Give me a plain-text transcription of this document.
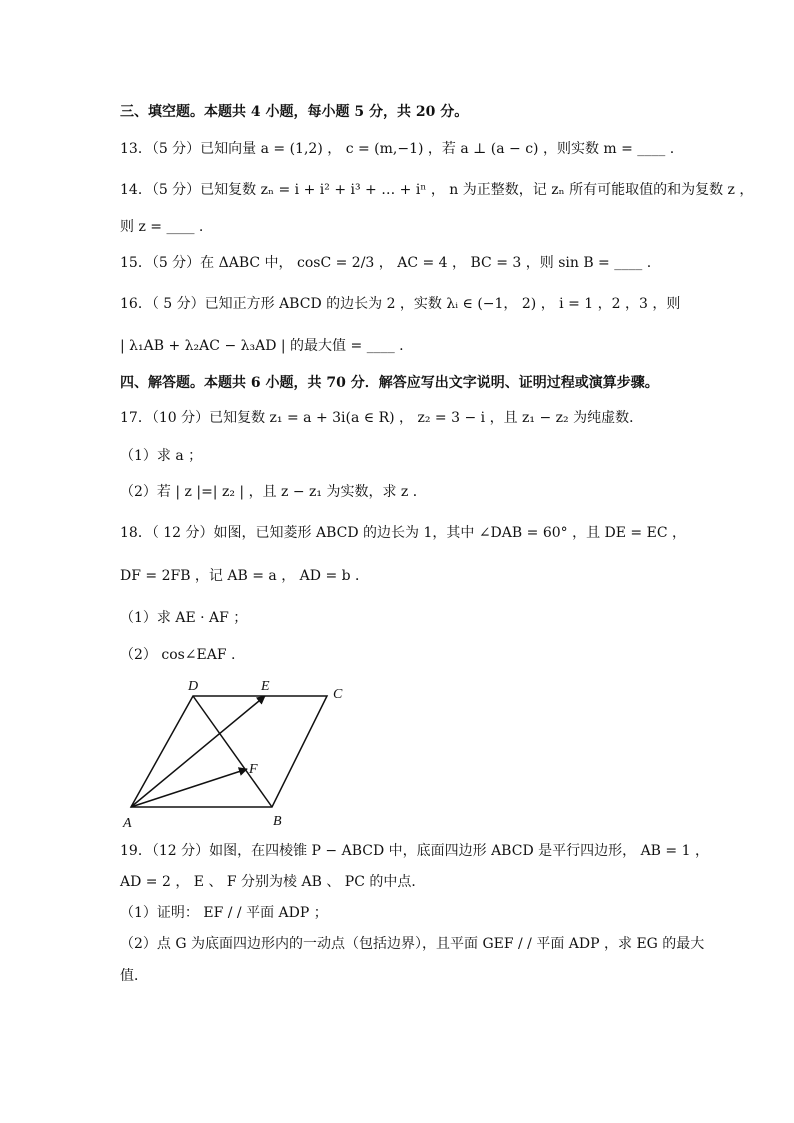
三、填空题。本题共 4 小题，每小题 5 分，共 20 分。
13．（5 分）已知向量 a = (1,2) ， c = (m,−1) ，若 a ⊥ (a − c) ，则实数 m = ____ .
14．（5 分）已知复数 zₙ = i + i² + i³ + … + iⁿ ， n 为正整数，记 zₙ 所有可能取值的和为复数 z ，
则 z = ____ .
15．（5 分）在 ΔABC 中， cosC = 2/3 ， AC = 4 ， BC = 3 ，则 sin B = ____ .
16．（ 5 分）已知正方形 ABCD 的边长为 2 ，实数 λᵢ ∈ (−1， 2) ， i = 1 ，2 ，3 ，则
| λ₁AB + λ₂AC − λ₃AD | 的最大值 = ____ .
四、解答题。本题共 6 小题，共 70 分．解答应写出文字说明、证明过程或演算步骤。
17．（10 分）已知复数 z₁ = a + 3i(a ∈ R) ， z₂ = 3 − i ，且 z₁ − z₂ 为纯虚数．
（1）求 a ；
（2）若 | z |=| z₂ | ，且 z − z₁ 为实数，求 z ．
18．（ 12 分）如图，已知菱形 ABCD 的边长为 1，其中 ∠DAB = 60° ，且 DE = EC ，
DF = 2FB ，记 AB = a ， AD = b ．
（1）求 AE · AF ；
（2） cos∠EAF .
D	E
C
F
A	B
19．（12 分）如图，在四棱锥 P − ABCD 中，底面四边形 ABCD 是平行四边形， AB = 1 ，
AD = 2 ， E 、 F 分别为棱 AB 、 PC 的中点．
（1）证明： EF / / 平面 ADP ；
（2）点 G 为底面四边形内的一动点（包括边界），且平面 GEF / / 平面 ADP ，求 EG 的最大
值．
